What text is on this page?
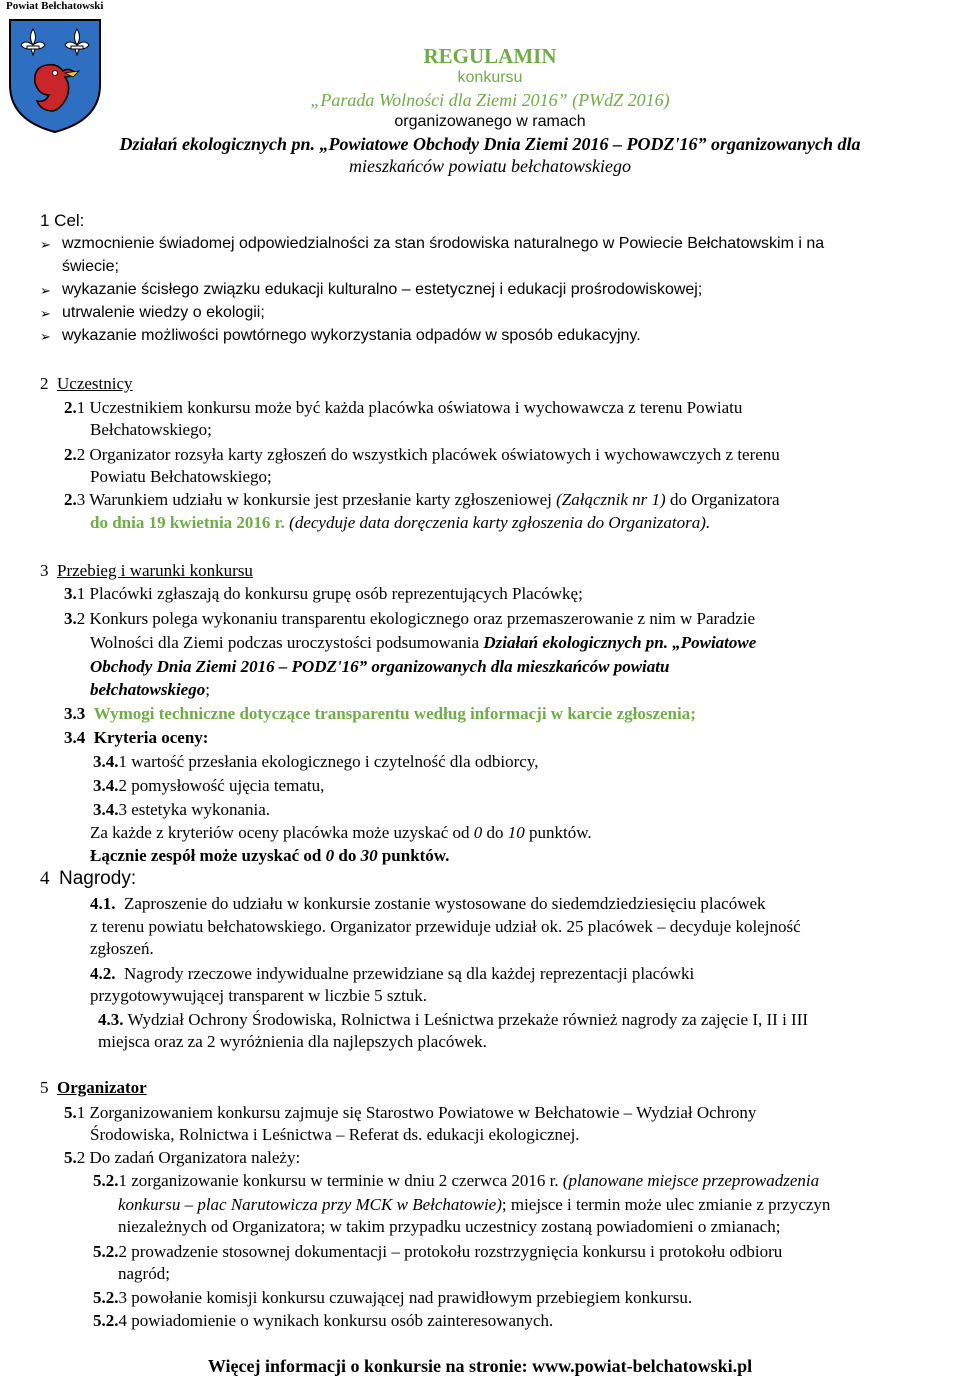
Powiat Bełchatowski
REGULAMIN
konkursu
„Parada Wolności dla Ziemi 2016” (PWdZ 2016)
organizowanego w ramach
Działań ekologicznych pn. „Powiatowe Obchody Dnia Ziemi 2016 – PODZ'16” organizowanych dla
mieszkańców powiatu bełchatowskiego
1 Cel:
➢ wzmocnienie świadomej odpowiedzialności za stan środowiska naturalnego w Powiecie Bełchatowskim i na
świecie;
➢ wykazanie ścisłego związku edukacji kulturalno – estetycznej i edukacji prośrodowiskowej;
➢ utrwalenie wiedzy o ekologii;
➢ wykazanie możliwości powtórnego wykorzystania odpadów w sposób edukacyjny.
2 Uczestnicy
2.1 Uczestnikiem konkursu może być każda placówka oświatowa i wychowawcza z terenu Powiatu
Bełchatowskiego;
2.2 Organizator rozsyła karty zgłoszeń do wszystkich placówek oświatowych i wychowawczych z terenu
Powiatu Bełchatowskiego;
2.3 Warunkiem udziału w konkursie jest przesłanie karty zgłoszeniowej (Załącznik nr 1) do Organizatora
do dnia 19 kwietnia 2016 r. (decyduje data doręczenia karty zgłoszenia do Organizatora).
3 Przebieg i warunki konkursu
3.1 Placówki zgłaszają do konkursu grupę osób reprezentujących Placówkę;
3.2 Konkurs polega wykonaniu transparentu ekologicznego oraz przemaszerowanie z nim w Paradzie
Wolności dla Ziemi podczas uroczystości podsumowania Działań ekologicznych pn. „Powiatowe
Obchody Dnia Ziemi 2016 – PODZ'16” organizowanych dla mieszkańców powiatu
bełchatowskiego;
3.3 Wymogi techniczne dotyczące transparentu według informacji w karcie zgłoszenia;
3.4 Kryteria oceny:
3.4.1 wartość przesłania ekologicznego i czytelność dla odbiorcy,
3.4.2 pomysłowość ujęcia tematu,
3.4.3 estetyka wykonania.
Za każde z kryteriów oceny placówka może uzyskać od 0 do 10 punktów.
Łącznie zespół może uzyskać od 0 do 30 punktów.
4 Nagrody:
4.1. Zaproszenie do udziału w konkursie zostanie wystosowane do siedemdziedziesięciu placówek
z terenu powiatu bełchatowskiego. Organizator przewiduje udział ok. 25 placówek – decyduje kolejność
zgłoszeń.
4.2. Nagrody rzeczowe indywidualne przewidziane są dla każdej reprezentacji placówki
przygotowywującej transparent w liczbie 5 sztuk.
4.3. Wydział Ochrony Środowiska, Rolnictwa i Leśnictwa przekaże również nagrody za zajęcie I, II i III
miejsca oraz za 2 wyróżnienia dla najlepszych placówek.
5 Organizator
5.1 Zorganizowaniem konkursu zajmuje się Starostwo Powiatowe w Bełchatowie – Wydział Ochrony
Środowiska, Rolnictwa i Leśnictwa – Referat ds. edukacji ekologicznej.
5.2 Do zadań Organizatora należy:
5.2.1 zorganizowanie konkursu w terminie w dniu 2 czerwca 2016 r. (planowane miejsce przeprowadzenia
konkursu – plac Narutowicza przy MCK w Bełchatowie); miejsce i termin może ulec zmianie z przyczyn
niezależnych od Organizatora; w takim przypadku uczestnicy zostaną powiadomieni o zmianach;
5.2.2 prowadzenie stosownej dokumentacji – protokołu rozstrzygnięcia konkursu i protokołu odbioru
nagród;
5.2.3 powołanie komisji konkursu czuwającej nad prawidłowym przebiegiem konkursu.
5.2.4 powiadomienie o wynikach konkursu osób zainteresowanych.
Więcej informacji o konkursie na stronie: www.powiat-belchatowski.pl
